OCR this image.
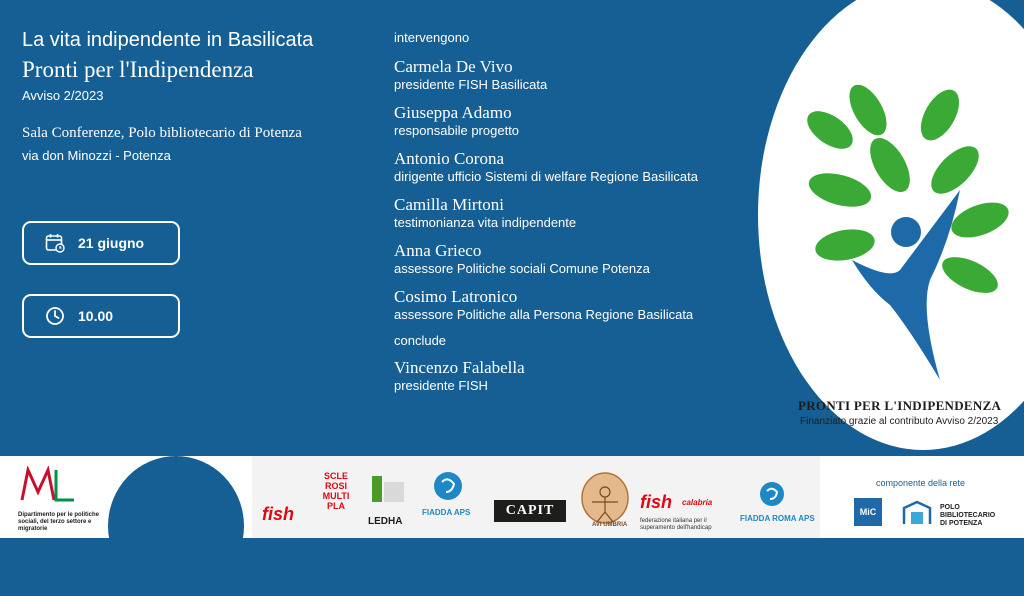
La vita indipendente in Basilicata
Pronti per l'Indipendenza
Avviso 2/2023
Sala Conferenze, Polo bibliotecario di Potenza
via don Minozzi - Potenza
21 giugno
10.00
intervengono
Carmela De Vivo
presidente FISH Basilicata
Giuseppa Adamo
responsabile progetto
Antonio Corona
dirigente ufficio Sistemi di welfare Regione Basilicata
Camilla Mirtoni
testimonianza vita indipendente
Anna Grieco
assessore Politiche sociali Comune Potenza
Cosimo Latronico
assessore Politiche alla Persona Regione Basilicata
conclude
Vincenzo Falabella
presidente FISH
PRONTI PER L'INDIPENDENZA
Finanziato grazie al contributo Avviso 2/2023
Dipartimento per le politiche sociali, del terzo settore e migratorie
fish
SCLE ROSI MULTI PLA
LEDHA
FIADDA APS	CAPIT
AVI UMBRIA
fish calabria
federazione italiana per il superamento dell'handicap
FIADDA ROMA APS
componente della rete
MiC	POLO BIBLIOTECARIO DI POTENZA
